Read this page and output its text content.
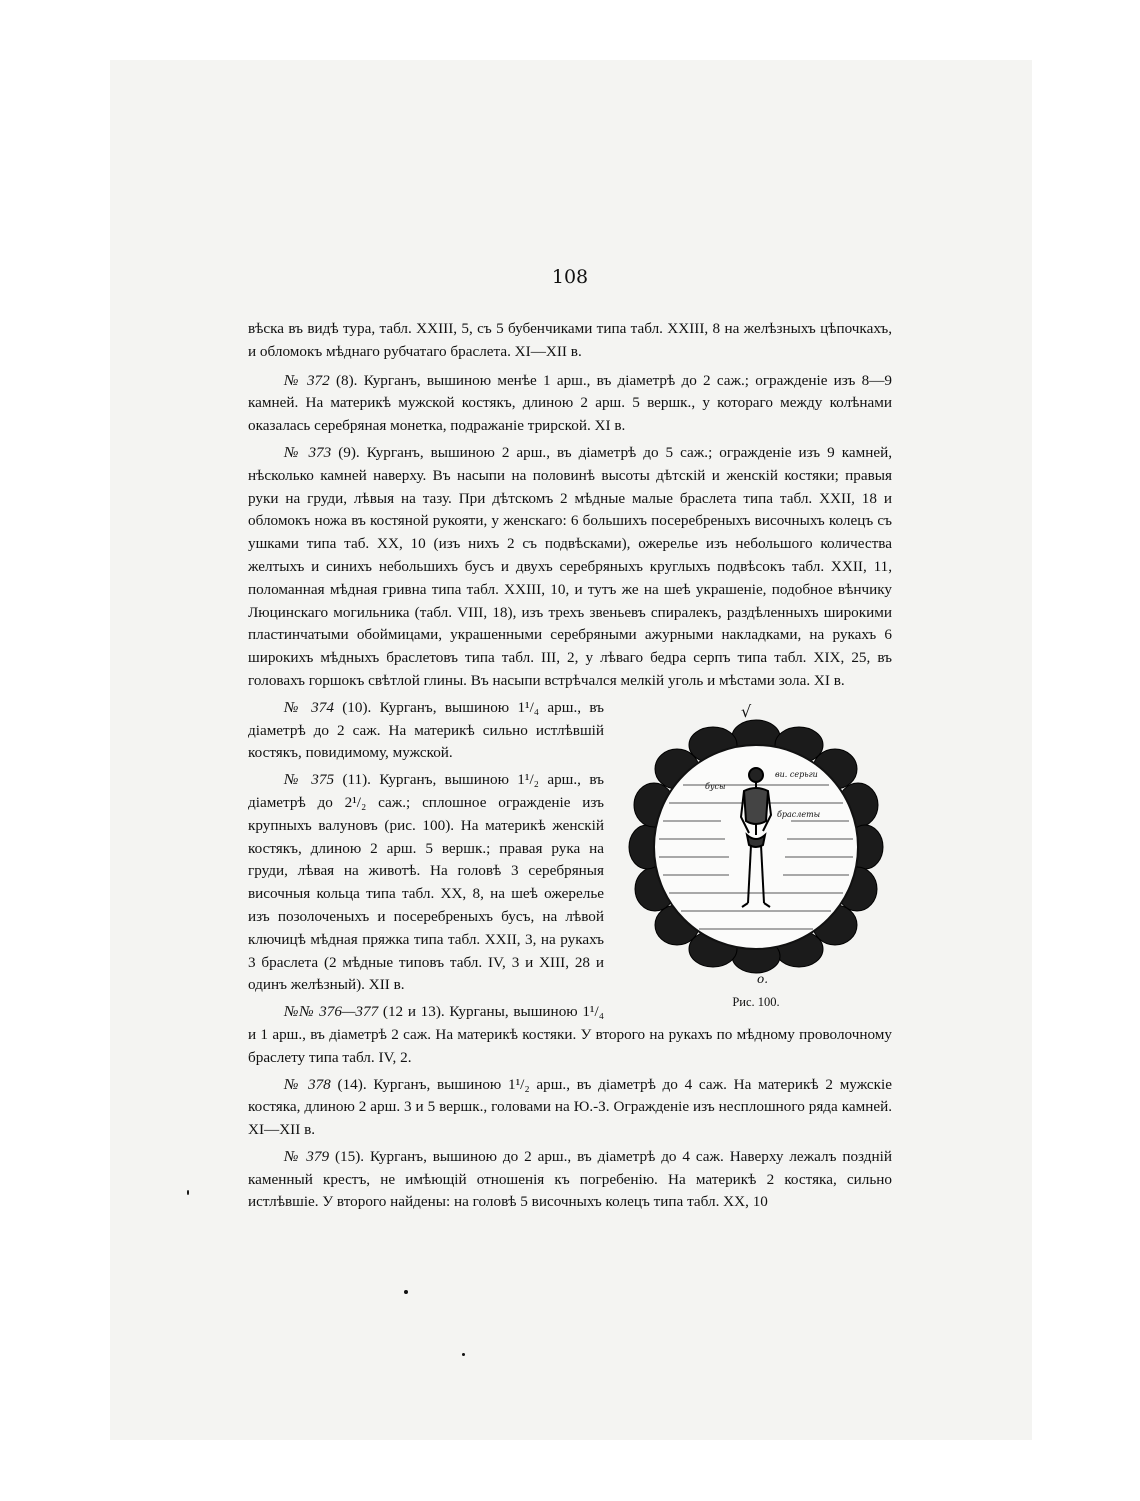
108

вѣска въ видѣ тура, табл. XXIII, 5, съ 5 бубенчиками типа табл. XXIII, 8 на желѣзныхъ цѣпочкахъ, и обломокъ мѣднаго рубчатаго браслета. XI—XII в.

№ 372 (8). Курганъ, вышиною менѣе 1 арш., въ діаметрѣ до 2 саж.; огражденіе изъ 8—9 камней. На материкѣ мужской костякъ, длиною 2 арш. 5 вершк., у котораго между колѣнами оказалась серебряная монетка, подражаніе трирской. XI в.

№ 373 (9). Курганъ, вышиною 2 арш., въ діаметрѣ до 5 саж.; огражденіе изъ 9 камней, нѣсколько камней наверху. Въ насыпи на половинѣ высоты дѣтскій и женскій костяки; правыя руки на груди, лѣвыя на тазу. При дѣтскомъ 2 мѣдные малые браслета типа табл. XXII, 18 и обломокъ ножа въ костяной рукояти, у женскаго: 6 большихъ посеребреныхъ височныхъ колецъ съ ушками типа таб. XX, 10 (изъ нихъ 2 съ подвѣсками), ожерелье изъ небольшого количества желтыхъ и синихъ небольшихъ бусъ и двухъ серебряныхъ круглыхъ подвѣсокъ табл. XXII, 11, поломанная мѣдная гривна типа табл. XXIII, 10, и тутъ же на шеѣ украшеніе, подобное вѣнчику Люцинскаго могильника (табл. VIII, 18), изъ трехъ звеньевъ спиралекъ, раздѣленныхъ широкими пластинчатыми обоймицами, украшенными серебряными ажурными накладками, на рукахъ 6 широкихъ мѣдныхъ браслетовъ типа табл. III, 2, у лѣваго бедра серпъ типа табл. XIX, 25, въ головахъ горшокъ свѣтлой глины. Въ насыпи встрѣчался мелкій уголь и мѣстами зола. XI в.

√
бусы
ви. серьги
браслеты
о.
Рис. 100.

№ 374 (10). Курганъ, вышиною 1¹/₄ арш., въ діаметрѣ до 2 саж. На материкѣ сильно истлѣвшій костякъ, повидимому, мужской.

№ 375 (11). Курганъ, вышиною 1¹/₂ арш., въ діаметрѣ до 2¹/₂ саж.; сплошное огражденіе изъ крупныхъ валуновъ (рис. 100). На материкѣ женскій костякъ, длиною 2 арш. 5 вершк.; правая рука на груди, лѣвая на животѣ. На головѣ 3 серебряныя височныя кольца типа табл. XX, 8, на шеѣ ожерелье изъ позолоченыхъ и посеребреныхъ бусъ, на лѣвой ключицѣ мѣдная пряжка типа табл. XXII, 3, на рукахъ 3 браслета (2 мѣдные типовъ табл. IV, 3 и XIII, 28 и одинъ желѣзный). XII в.

№№ 376—377 (12 и 13). Курганы, вышиною 1¹/₄ и 1 арш., въ діаметрѣ 2 саж. На материкѣ костяки. У второго на рукахъ по мѣдному проволочному браслету типа табл. IV, 2.

№ 378 (14). Курганъ, вышиною 1¹/₂ арш., въ діаметрѣ до 4 саж. На материкѣ 2 мужскіе костяка, длиною 2 арш. 3 и 5 вершк., головами на Ю.-З. Огражденіе изъ несплошного ряда камней. XI—XII в.

№ 379 (15). Курганъ, вышиною до 2 арш., въ діаметрѣ до 4 саж. Наверху лежалъ поздній каменный крестъ, не имѣющій отношенія къ погребенію. На материкѣ 2 костяка, сильно истлѣвшіе. У второго найдены: на головѣ 5 височныхъ колецъ типа табл. XX, 10
